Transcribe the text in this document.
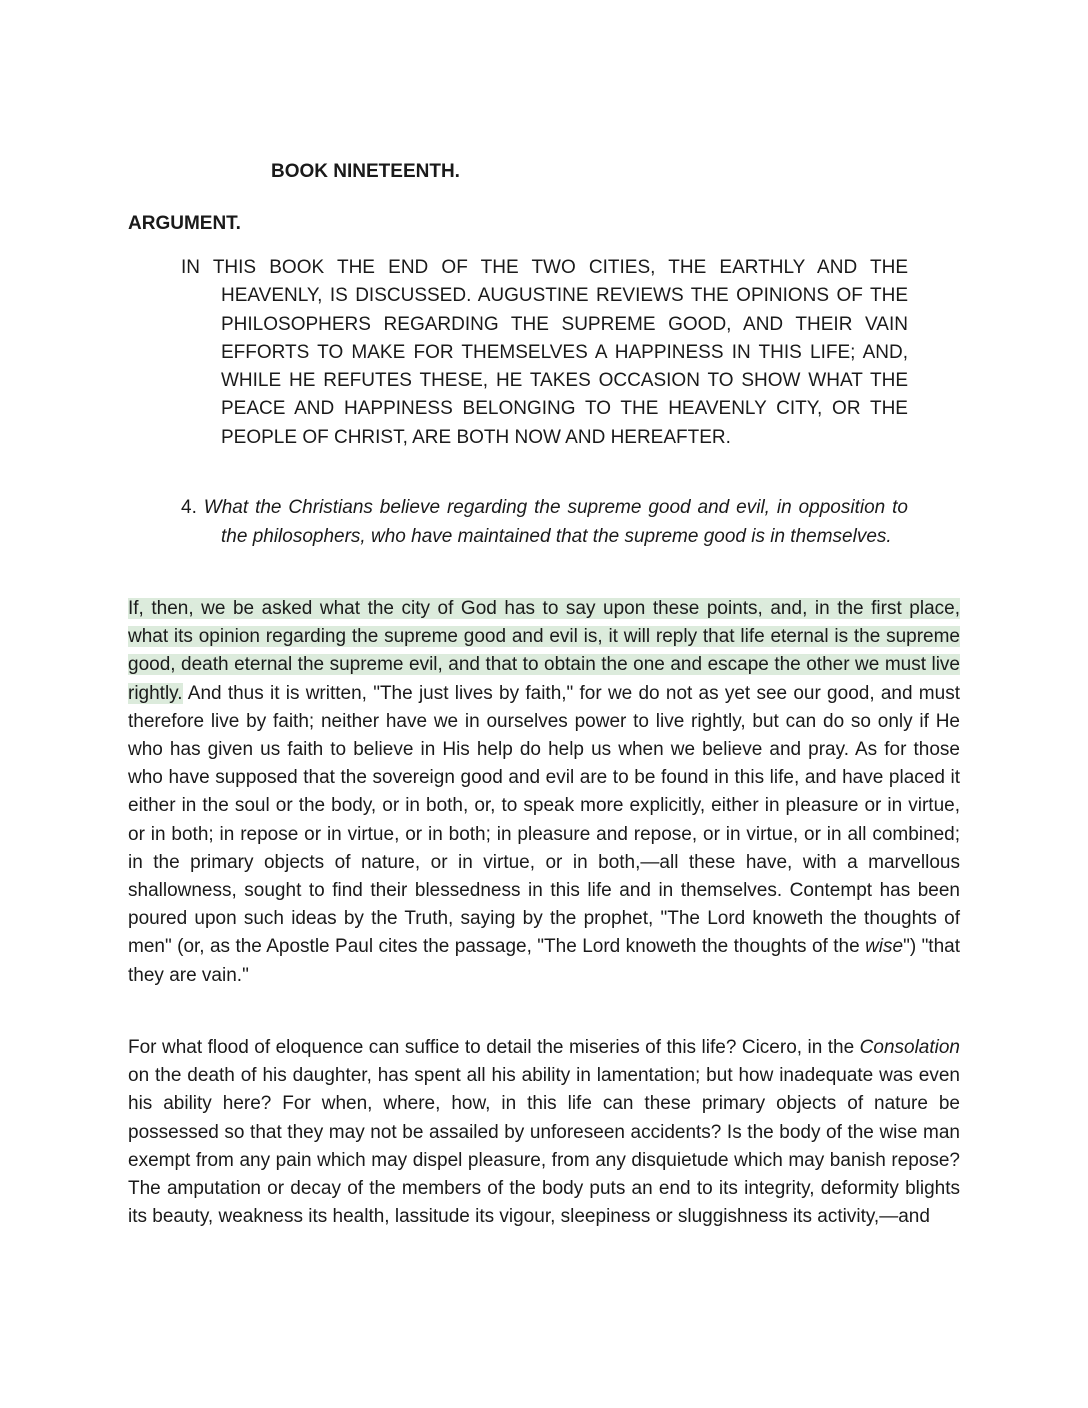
BOOK NINETEENTH.
ARGUMENT.

IN THIS BOOK THE END OF THE TWO CITIES, THE EARTHLY AND THE HEAVENLY, IS DISCUSSED. AUGUSTINE REVIEWS THE OPINIONS OF THE PHILOSOPHERS REGARDING THE SUPREME GOOD, AND THEIR VAIN EFFORTS TO MAKE FOR THEMSELVES A HAPPINESS IN THIS LIFE; AND, WHILE HE REFUTES THESE, HE TAKES OCCASION TO SHOW WHAT THE PEACE AND HAPPINESS BELONGING TO THE HEAVENLY CITY, OR THE PEOPLE OF CHRIST, ARE BOTH NOW AND HEREAFTER.

4. What the Christians believe regarding the supreme good and evil, in opposition to the philosophers, who have maintained that the supreme good is in themselves.

If, then, we be asked what the city of God has to say upon these points, and, in the first place, what its opinion regarding the supreme good and evil is, it will reply that life eternal is the supreme good, death eternal the supreme evil, and that to obtain the one and escape the other we must live rightly. And thus it is written, "The just lives by faith," for we do not as yet see our good, and must therefore live by faith; neither have we in ourselves power to live rightly, but can do so only if He who has given us faith to believe in His help do help us when we believe and pray. As for those who have supposed that the sovereign good and evil are to be found in this life, and have placed it either in the soul or the body, or in both, or, to speak more explicitly, either in pleasure or in virtue, or in both; in repose or in virtue, or in both; in pleasure and repose, or in virtue, or in all combined; in the primary objects of nature, or in virtue, or in both,—all these have, with a marvellous shallowness, sought to find their blessedness in this life and in themselves. Contempt has been poured upon such ideas by the Truth, saying by the prophet, "The Lord knoweth the thoughts of men" (or, as the Apostle Paul cites the passage, "The Lord knoweth the thoughts of the wise") "that they are vain."

For what flood of eloquence can suffice to detail the miseries of this life? Cicero, in the Consolation on the death of his daughter, has spent all his ability in lamentation; but how inadequate was even his ability here? For when, where, how, in this life can these primary objects of nature be possessed so that they may not be assailed by unforeseen accidents? Is the body of the wise man exempt from any pain which may dispel pleasure, from any disquietude which may banish repose? The amputation or decay of the members of the body puts an end to its integrity, deformity blights its beauty, weakness its health, lassitude its vigour, sleepiness or sluggishness its activity,—and
